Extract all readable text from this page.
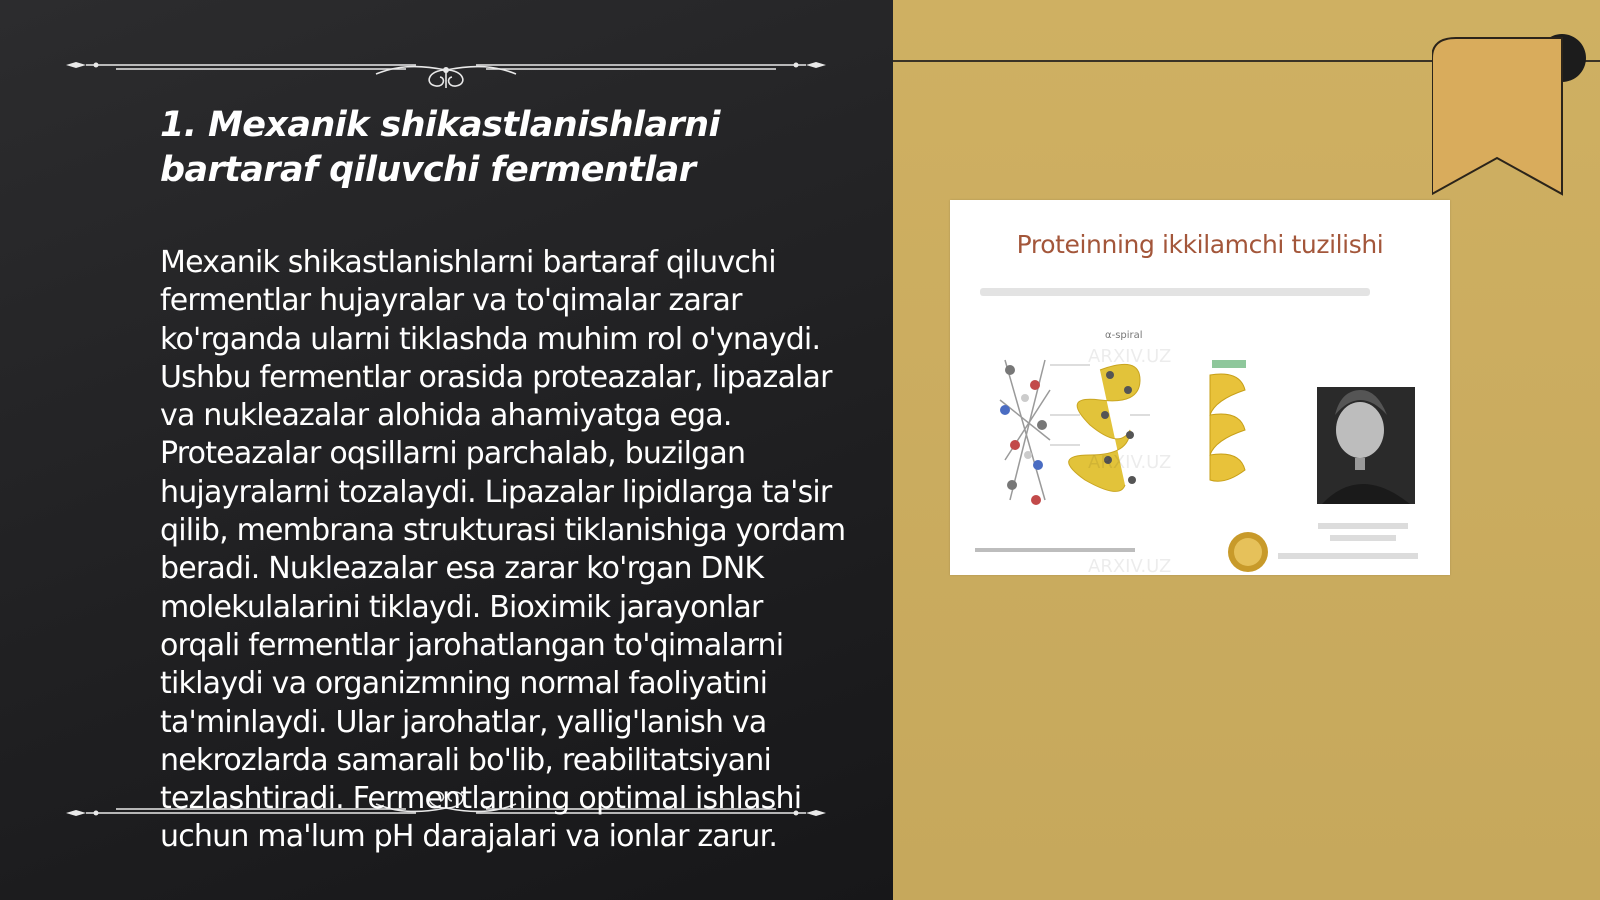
1. Mexanik shikastlanishlarni bartaraf qiluvchi fermentlar

Mexanik shikastlanishlarni bartaraf qiluvchi fermentlar hujayralar va to'qimalar zarar ko'rganda ularni tiklashda muhim rol o'ynaydi. Ushbu fermentlar orasida proteazalar, lipazalar va nukleazalar alohida ahamiyatga ega. Proteazalar oqsillarni parchalab, buzilgan hujayralarni tozalaydi. Lipazalar lipidlarga ta'sir qilib, membrana strukturasi tiklanishiga yordam beradi. Nukleazalar esa zarar ko'rgan DNK molekulalarini tiklaydi. Bioximik jarayonlar orqali fermentlar jarohatlangan to'qimalarni tiklaydi va organizmning normal faoliyatini ta'minlaydi. Ular jarohatlar, yallig'lanish va nekrozlarda samarali bo'lib, reabilitatsiyani tezlashtiradi. Fermentlarning optimal ishlashi uchun ma'lum pH darajalari va ionlar zarur.

Proteinning ikkilamchi tuzilishi
α-spiral
ARXIV.UZ
ARXIV.UZ
ARXIV.UZ
